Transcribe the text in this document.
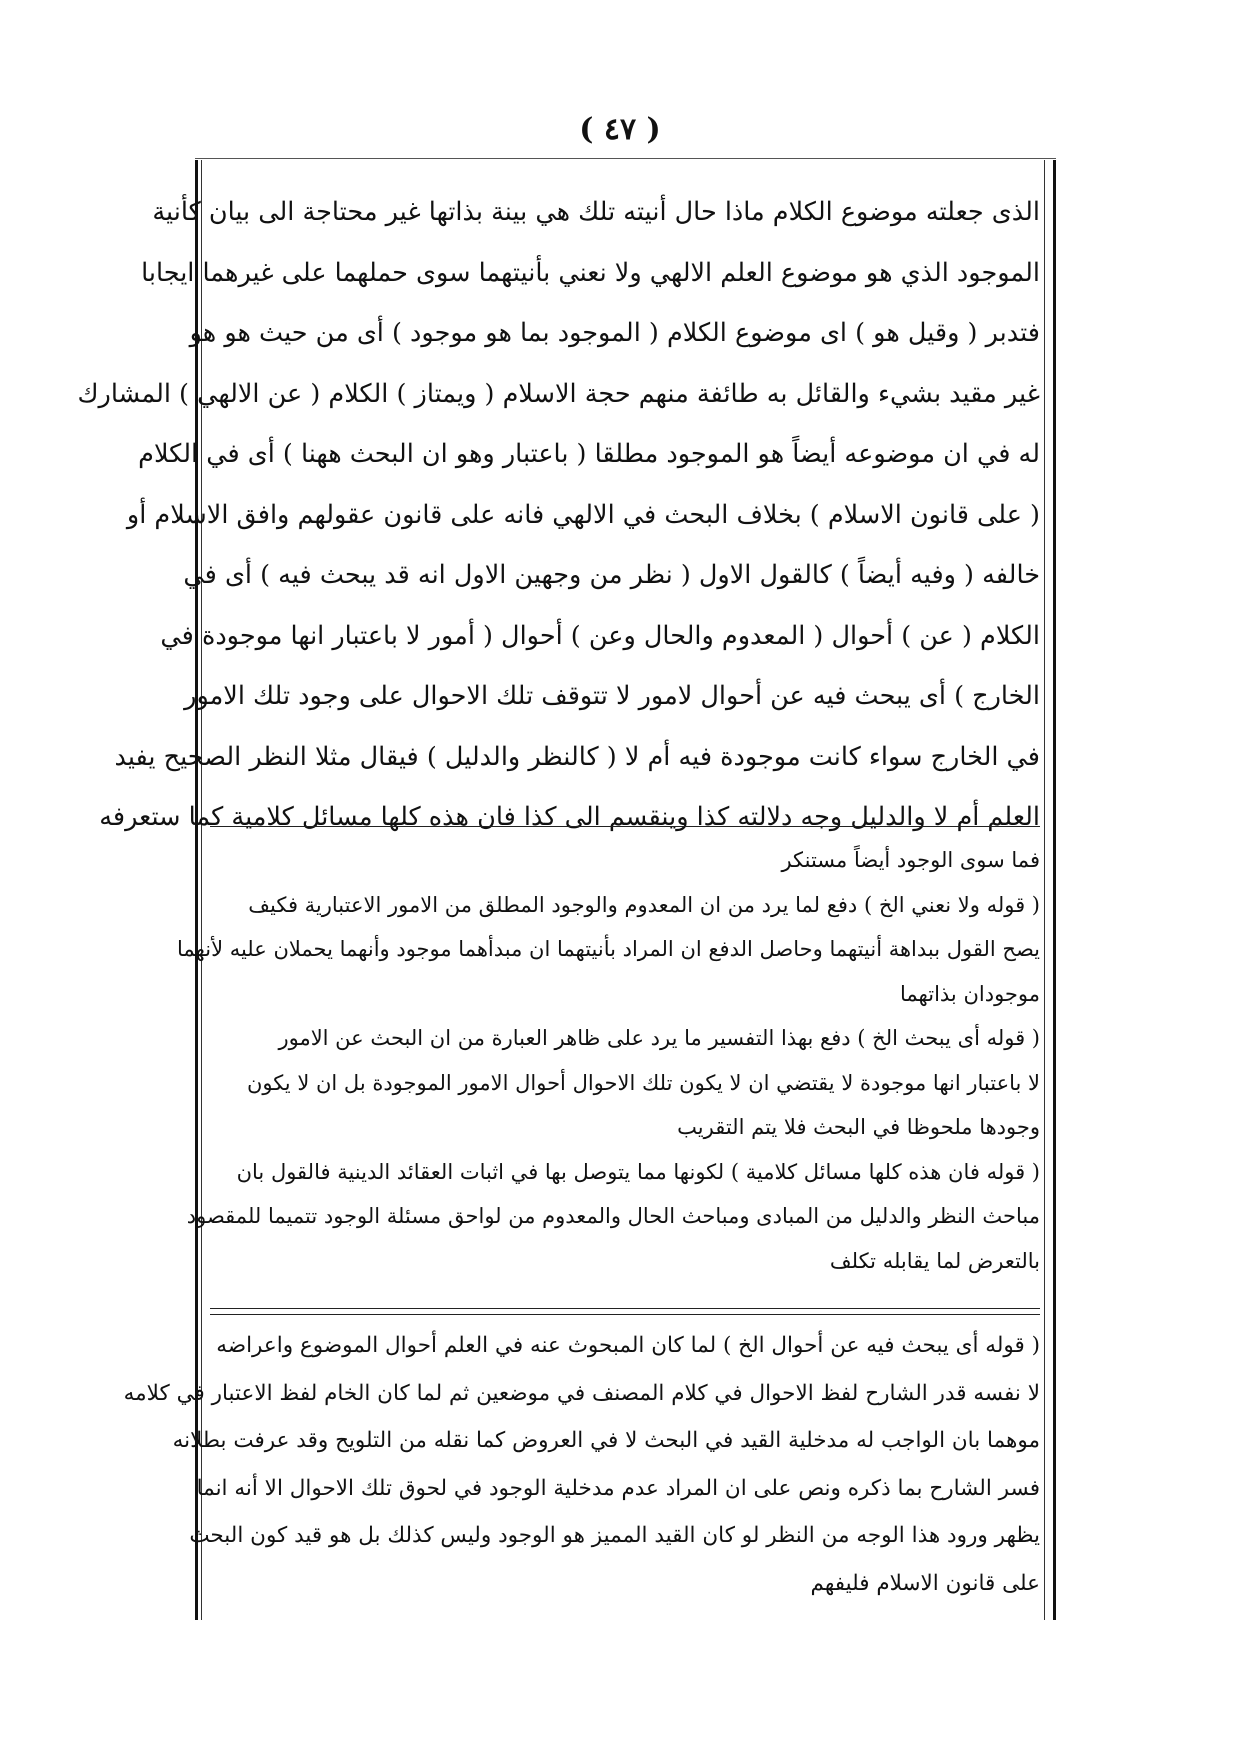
( ٤٧ )
الذی جعلته موضوع الكلام ماذا حال أنیته تلك هي بينة بذاتها غير محتاجة الى بيان كأنية
الموجود الذي هو موضوع العلم الالهي ولا نعني بأنيتهما سوى حملهما على غيرهما ايجابا
فتدبر ( وقيل هو ) اى موضوع الكلام ( الموجود بما هو موجود ) أى من حيث هو هو
غير مقيد بشيء والقائل به طائفة منهم حجة الاسلام ( ويمتاز ) الكلام ( عن الالهي ) المشارك
له في ان موضوعه أيضاً هو الموجود مطلقا ( باعتبار وهو ان البحث ههنا ) أى في الكلام
( على قانون الاسلام ) بخلاف البحث في الالهي فانه على قانون عقولهم وافق الاسلام أو
خالفه ( وفيه أيضاً ) كالقول الاول ( نظر من وجهين الاول انه قد يبحث فيه ) أى في
الكلام ( عن ) أحوال ( المعدوم والحال وعن ) أحوال ( أمور لا باعتبار انها موجودة في
الخارج ) أى يبحث فيه عن أحوال لامور لا تتوقف تلك الاحوال على وجود تلك الامور
في الخارج سواء كانت موجودة فيه أم لا ( كالنظر والدليل ) فيقال مثلا النظر الصحيح يفيد
العلم أم لا والدليل وجه دلالته كذا وينقسم الى كذا فان هذه كلها مسائل كلامية كما ستعرفه
فما سوى الوجود أيضاً مستنكر
( قوله ولا نعني الخ ) دفع لما يرد من ان المعدوم والوجود المطلق من الامور الاعتبارية فكيف
يصح القول ببداهة أنيتهما وحاصل الدفع ان المراد بأنيتهما ان مبدأهما موجود وأنهما يحملان عليه لأنهما
موجودان بذاتهما
( قوله أى يبحث الخ ) دفع بهذا التفسير ما يرد على ظاهر العبارة من ان البحث عن الامور
لا باعتبار انها موجودة لا يقتضي ان لا يكون تلك الاحوال أحوال الامور الموجودة بل ان لا يكون
وجودها ملحوظا في البحث فلا يتم التقريب
( قوله فان هذه كلها مسائل كلامية ) لكونها مما يتوصل بها في اثبات العقائد الدينية فالقول بان
مباحث النظر والدليل من المبادى ومباحث الحال والمعدوم من لواحق مسئلة الوجود تتميما للمقصود
بالتعرض لما يقابله تكلف
( قوله أى يبحث فيه عن أحوال الخ ) لما كان المبحوث عنه في العلم أحوال الموضوع واعراضه
لا نفسه قدر الشارح لفظ الاحوال في كلام المصنف في موضعين ثم لما كان الخام لفظ الاعتبار في كلامه
موهما بان الواجب له مدخلية القيد في البحث لا في العروض كما نقله من التلويح وقد عرفت بطلانه
فسر الشارح بما ذكره ونص على ان المراد عدم مدخلية الوجود في لحوق تلك الاحوال الا أنه انما
يظهر ورود هذا الوجه من النظر لو كان القيد المميز هو الوجود وليس كذلك بل هو قيد كون البحث
على قانون الاسلام فليفهم
